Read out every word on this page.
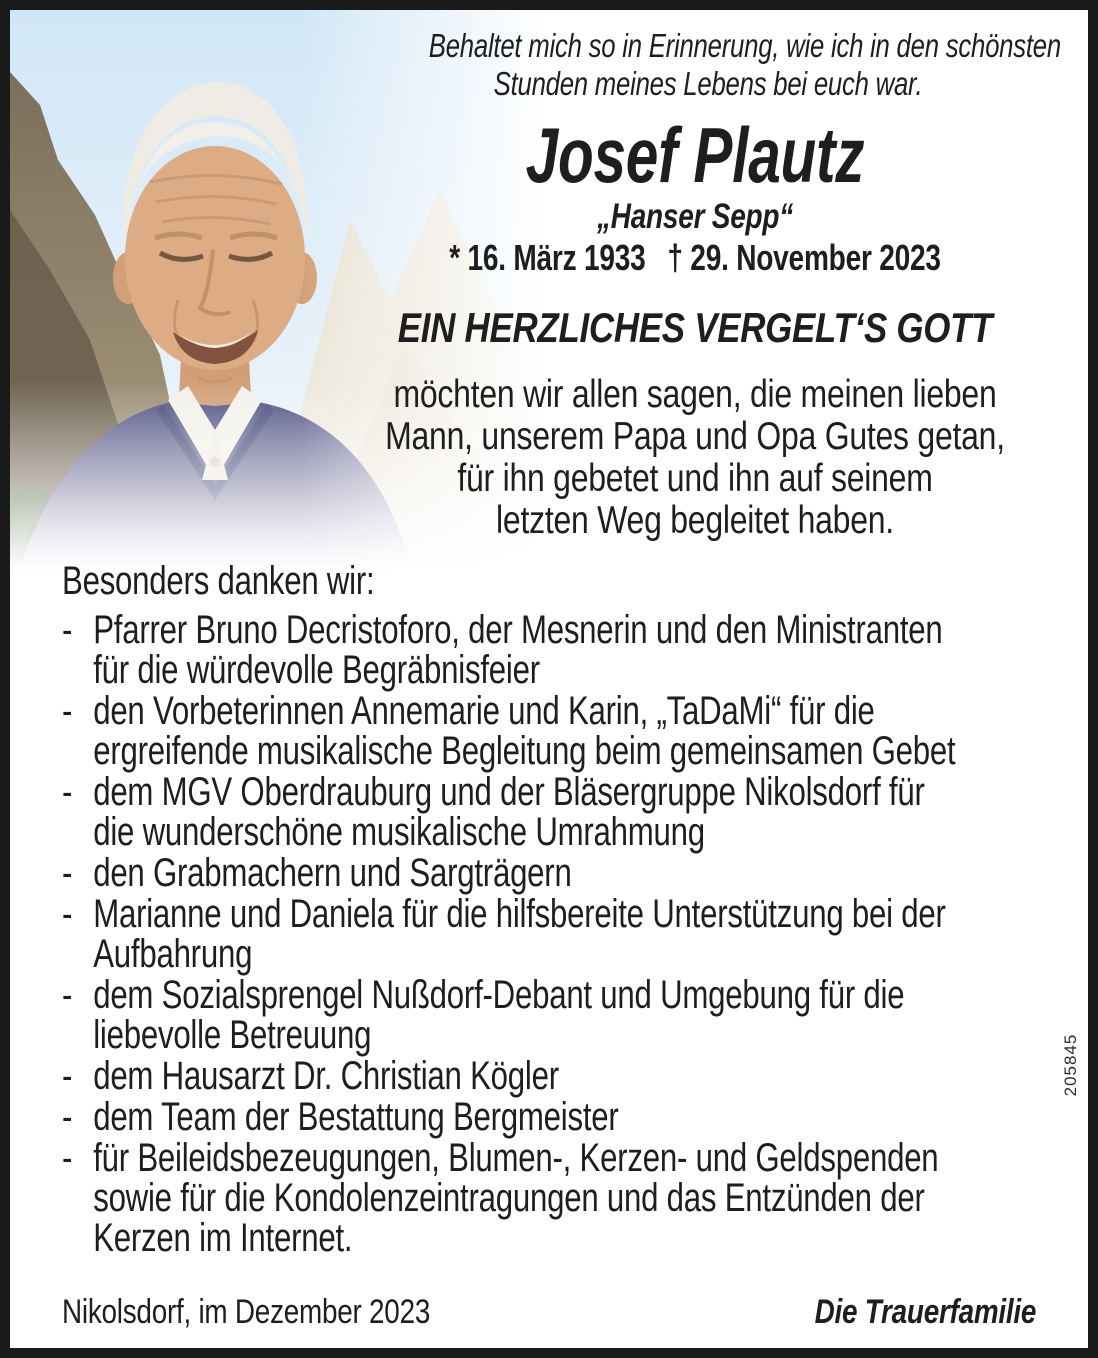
Behaltet mich so in Erinnerung, wie ich in den schönsten
Stunden meines Lebens bei euch war.
Josef Plautz
„Hanser Sepp“
* 16. März 1933 † 29. November 2023
EIN HERZLICHES VERGELT‘S GOTT
möchten wir allen sagen, die meinen lieben
Mann, unserem Papa und Opa Gutes getan,
für ihn gebetet und ihn auf seinem
letzten Weg begleitet haben.
Besonders danken wir:
- Pfarrer Bruno Decristoforo, der Mesnerin und den Ministranten
für die würdevolle Begräbnisfeier
- den Vorbeterinnen Annemarie und Karin, „TaDaMi“ für die
ergreifende musikalische Begleitung beim gemeinsamen Gebet
- dem MGV Oberdrauburg und der Bläsergruppe Nikolsdorf für
die wunderschöne musikalische Umrahmung
- den Grabmachern und Sargträgern
- Marianne und Daniela für die hilfsbereite Unterstützung bei der
Aufbahrung
- dem Sozialsprengel Nußdorf-Debant und Umgebung für die
liebevolle Betreuung
- dem Hausarzt Dr. Christian Kögler
- dem Team der Bestattung Bergmeister
- für Beileidsbezeugungen, Blumen-, Kerzen- und Geldspenden
sowie für die Kondolenzeintragungen und das Entzünden der
Kerzen im Internet.
Nikolsdorf, im Dezember 2023	Die Trauerfamilie
205845
